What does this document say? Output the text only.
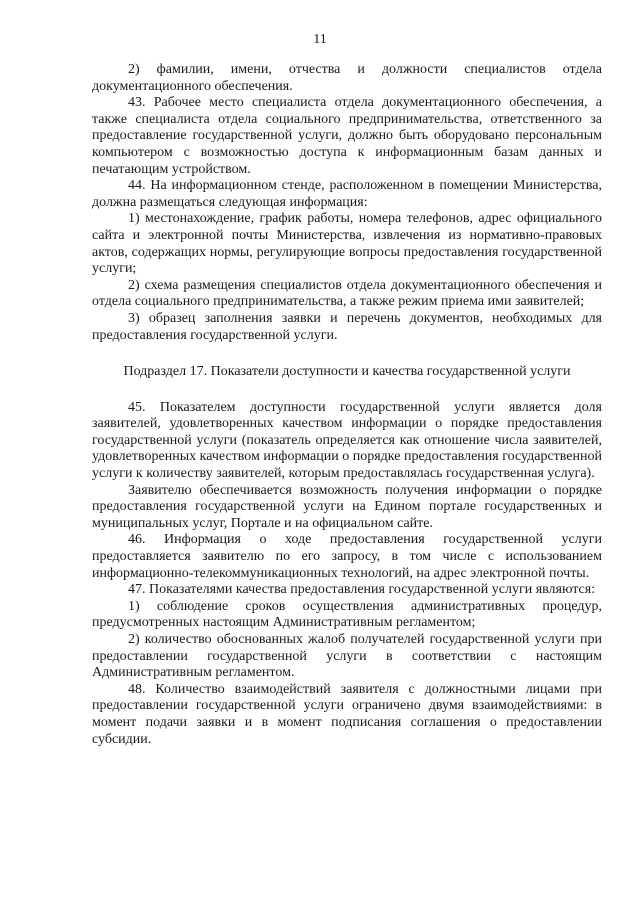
11

2) фамилии, имени, отчества и должности специалистов отдела документационного обеспечения.

43. Рабочее место специалиста отдела документационного обеспечения, а также специалиста отдела социального предпринимательства, ответственного за предоставление государственной услуги, должно быть оборудовано персональным компьютером с возможностью доступа к информационным базам данных и печатающим устройством.

44. На информационном стенде, расположенном в помещении Министерства, должна размещаться следующая информация:

1) местонахождение, график работы, номера телефонов, адрес официального сайта и электронной почты Министерства, извлечения из нормативно-правовых актов, содержащих нормы, регулирующие вопросы предоставления государственной услуги;

2) схема размещения специалистов отдела документационного обеспечения и отдела социального предпринимательства, а также режим приема ими заявителей;

3) образец заполнения заявки и перечень документов, необходимых для предоставления государственной услуги.

Подраздел 17. Показатели доступности и качества государственной услуги

45. Показателем доступности государственной услуги является доля заявителей, удовлетворенных качеством информации о порядке предоставления государственной услуги (показатель определяется как отношение числа заявителей, удовлетворенных качеством информации о порядке предоставления государственной услуги к количеству заявителей, которым предоставлялась государственная услуга).

Заявителю обеспечивается возможность получения информации о порядке предоставления государственной услуги на Едином портале государственных и муниципальных услуг, Портале и на официальном сайте.

46. Информация о ходе предоставления государственной услуги предоставляется заявителю по его запросу, в том числе с использованием информационно-телекоммуникационных технологий, на адрес электронной почты.

47. Показателями качества предоставления государственной услуги являются:

1) соблюдение сроков осуществления административных процедур, предусмотренных настоящим Административным регламентом;

2) количество обоснованных жалоб получателей государственной услуги при предоставлении государственной услуги в соответствии с настоящим Административным регламентом.

48. Количество взаимодействий заявителя с должностными лицами при предоставлении государственной услуги ограничено двумя взаимодействиями: в момент подачи заявки и в момент подписания соглашения о предоставлении субсидии.
